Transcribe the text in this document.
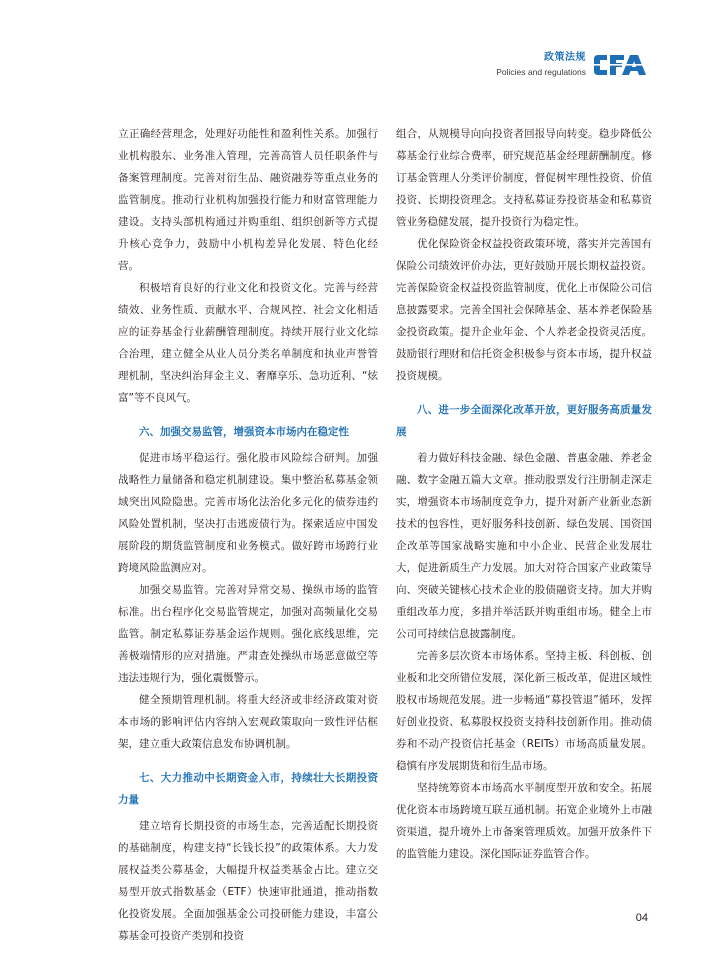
政策法规
Policies and regulations

立正确经营理念，处理好功能性和盈利性关系。加强行业机构股东、业务准入管理，完善高管人员任职条件与备案管理制度。完善对衍生品、融资融券等重点业务的监管制度。推动行业机构加强投行能力和财富管理能力建设。支持头部机构通过并购重组、组织创新等方式提升核心竞争力，鼓励中小机构差异化发展、特色化经营。

积极培育良好的行业文化和投资文化。完善与经营绩效、业务性质、贡献水平、合规风控、社会文化相适应的证券基金行业薪酬管理制度。持续开展行业文化综合治理，建立健全从业人员分类名单制度和执业声誉管理机制，坚决纠治拜金主义、奢靡享乐、急功近利、“炫富”等不良风气。

六、加强交易监管，增强资本市场内在稳定性

促进市场平稳运行。强化股市风险综合研判。加强战略性力量储备和稳定机制建设。集中整治私募基金领域突出风险隐患。完善市场化法治化多元化的债券违约风险处置机制，坚决打击逃废债行为。探索适应中国发展阶段的期货监管制度和业务模式。做好跨市场跨行业跨境风险监测应对。

加强交易监管。完善对异常交易、操纵市场的监管标准。出台程序化交易监管规定，加强对高频量化交易监管。制定私募证券基金运作规则。强化底线思维，完善极端情形的应对措施。严肃查处操纵市场恶意做空等违法违规行为，强化震慑警示。

健全预期管理机制。将重大经济或非经济政策对资本市场的影响评估内容纳入宏观政策取向一致性评估框架，建立重大政策信息发布协调机制。

七、大力推动中长期资金入市，持续壮大长期投资力量

建立培育长期投资的市场生态，完善适配长期投资的基础制度，构建支持“长钱长投”的政策体系。大力发展权益类公募基金，大幅提升权益类基金占比。建立交易型开放式指数基金（ETF）快速审批通道，推动指数化投资发展。全面加强基金公司投研能力建设，丰富公募基金可投资产类别和投资

组合，从规模导向向投资者回报导向转变。稳步降低公募基金行业综合费率，研究规范基金经理薪酬制度。修订基金管理人分类评价制度，督促树牢理性投资、价值投资、长期投资理念。支持私募证券投资基金和私募资管业务稳健发展，提升投资行为稳定性。

优化保险资金权益投资政策环境，落实并完善国有保险公司绩效评价办法，更好鼓励开展长期权益投资。完善保险资金权益投资监管制度，优化上市保险公司信息披露要求。完善全国社会保障基金、基本养老保险基金投资政策。提升企业年金、个人养老金投资灵活度。鼓励银行理财和信托资金积极参与资本市场，提升权益投资规模。

八、进一步全面深化改革开放，更好服务高质量发展

着力做好科技金融、绿色金融、普惠金融、养老金融、数字金融五篇大文章。推动股票发行注册制走深走实，增强资本市场制度竞争力，提升对新产业新业态新技术的包容性，更好服务科技创新、绿色发展、国资国企改革等国家战略实施和中小企业、民营企业发展壮大，促进新质生产力发展。加大对符合国家产业政策导向、突破关键核心技术企业的股债融资支持。加大并购重组改革力度，多措并举活跃并购重组市场。健全上市公司可持续信息披露制度。

完善多层次资本市场体系。坚持主板、科创板、创业板和北交所错位发展，深化新三板改革，促进区域性股权市场规范发展。进一步畅通“募投管退”循环，发挥好创业投资、私募股权投资支持科技创新作用。推动债券和不动产投资信托基金（REITs）市场高质量发展。稳慎有序发展期货和衍生品市场。

坚持统筹资本市场高水平制度型开放和安全。拓展优化资本市场跨境互联互通机制。拓宽企业境外上市融资渠道，提升境外上市备案管理质效。加强开放条件下的监管能力建设。深化国际证券监管合作。

04
